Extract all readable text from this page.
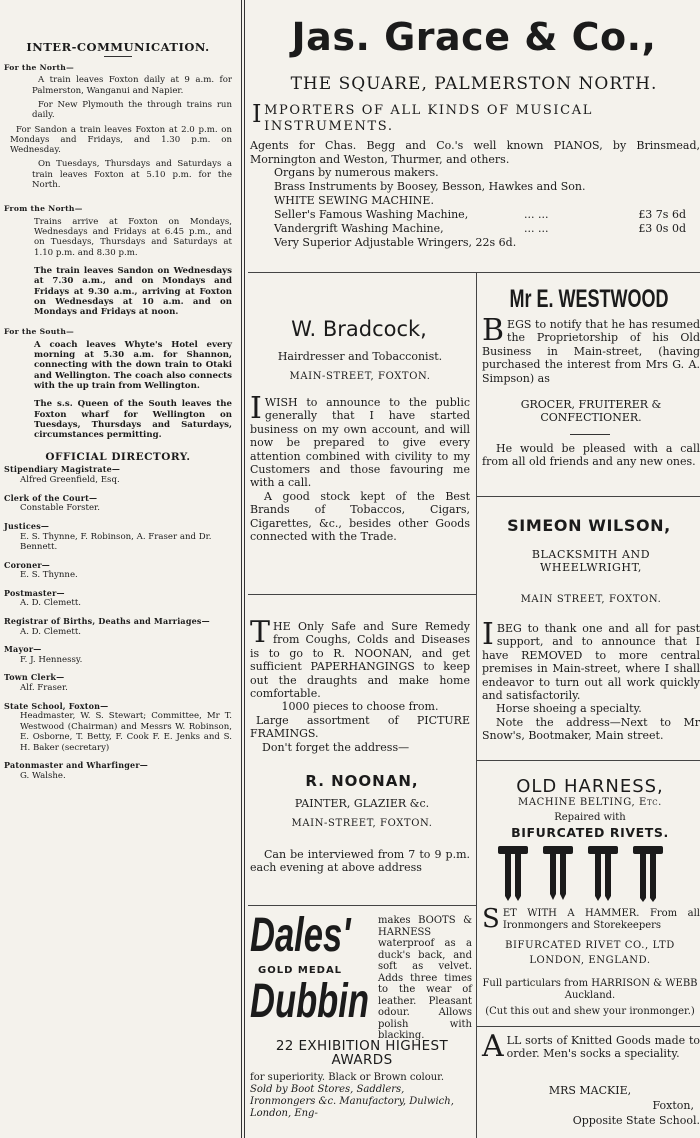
INTER-COMMUNICATION.
For the North—

A train leaves Foxton daily at 9 a.m. for Palmerston, Wanganui and Napier.

For New Plymouth the through trains run daily.

For Sandon a train leaves Foxton at 2.0 p.m. on Mondays and Fridays, and 1.30 p.m. on Wednesday.

On Tuesdays, Thursdays and Saturdays a train leaves Foxton at 5.10 p.m. for the North.

From the North—

Trains arrive at Foxton on Mondays, Wednesdays and Fridays at 6.45 p.m., and on Tuesdays, Thursdays and Saturdays at 1.10 p.m. and 8.30 p.m.

The train leaves Sandon on Wednesdays at 7.30 a.m., and on Mondays and Fridays at 9.30 a.m., arriving at Foxton on Wednesdays at 10 a.m. and on Mondays and Fridays at noon.

For the South—

A coach leaves Whyte's Hotel every morning at 5.30 a.m. for Shannon, connecting with the down train to Otaki and Wellington. The coach also connects with the up train from Wellington.

The s.s. Queen of the South leaves the Foxton wharf for Wellington on Tuesdays, Thursdays and Saturdays, circumstances permitting.

OFFICIAL DIRECTORY.
Stipendiary Magistrate—
Alfred Greenfield, Esq.
Clerk of the Court—
Constable Forster.
Justices—
E. S. Thynne, F. Robinson, A. Fraser and Dr. Bennett.
Coroner—
E. S. Thynne.
Postmaster—
A. D. Clemett.
Registrar of Births, Deaths and Marriages—
A. D. Clemett.
Mayor—
F. J. Hennessy.
Town Clerk—
Alf. Fraser.
State School, Foxton—
Headmaster, W. S. Stewart; Committee, Mr T. Westwood (Chairman) and Messrs W. Robinson, E. Osborne, T. Betty, F. Cook F. E. Jenks and S. H. Baker (secretary)
Patonmaster and Wharfinger—
G. Walshe.
Jas. Grace & Co.,
THE SQUARE, PALMERSTON NORTH.
IMPORTERS OF ALL KINDS OF MUSICAL INSTRUMENTS.
Agents for Chas. Begg and Co.'s well known PIANOS, by Brinsmead, Mornington and Weston, Thurmer, and others.
Organs by numerous makers.
Brass Instruments by Boosey, Besson, Hawkes and Son.
WHITE SEWING MACHINE.
Seller's Famous Washing Machine,	... ...	£3 7s 6d
Vandergrift Washing Machine,	... ...	£3 0s 0d
Very Superior Adjustable Wringers, 22s 6d.
W. Bradcock,
Hairdresser and Tobacconist.
MAIN-STREET, FOXTON.
IWISH to announce to the public generally that I have started business on my own account, and will now be prepared to give every attention combined with civility to my Customers and those favouring me with a call.

A good stock kept of the Best Brands of Tobaccos, Cigars, Cigarettes, &c., besides other Goods connected with the Trade.

THE Only Safe and Sure Remedy from Coughs, Colds and Diseases is to go to R. NOONAN, and get sufficient PAPERHANGINGS to keep out the draughts and make home comfortable.

1000 pieces to choose from.

Large assortment of PICTURE FRAMINGS.

Don't forget the address—

R. NOONAN,
PAINTER, GLAZIER &c.
MAIN-STREET, FOXTON.
Can be interviewed from 7 to 9 p.m. each evening at above address
Dales'
GOLD MEDAL
Dubbin
makes BOOTS & HARNESS waterproof as a duck's back, and soft as velvet. Adds three times to the wear of leather. Pleasant odour. Allows polish with blacking.
22 EXHIBITION HIGHEST
AWARDS
for superiority. Black or Brown colour.
Sold by Boot Stores, Saddlers, Ironmongers &c. Manufactory, Dulwich, London, Eng-
Mr E. WESTWOOD
BEGS to notify that he has resumed the Proprietorship of his Old Business in Main-street, (having purchased the interest from Mrs G. A. Simpson) as
GROCER, FRUITERER & CONFECTIONER.
He would be pleased with a call from all old friends and any new ones.
SIMEON WILSON,
BLACKSMITH AND WHEELWRIGHT,
MAIN STREET, FOXTON.
IBEG to thank one and all for past support, and to announce that I have REMOVED to more central premises in Main-street, where I shall endeavor to turn out all work quickly and satisfactorily.

Horse shoeing a specialty.

Note the address—Next to Mr Snow's, Bootmaker, Main street.

OLD HARNESS,
MACHINE BELTING, Etc.
Repaired with
BIFURCATED RIVETS.
SET WITH A HAMMER. From all Ironmongers and Storekeepers
BIFURCATED RIVET CO., LTD
LONDON, ENGLAND.
Full particulars from HARRISON & WEBB Auckland.
(Cut this out and shew your ironmonger.)
ALL sorts of Knitted Goods made to order. Men's socks a speciality.
MRS MACKIE,
Foxton,
Opposite State School.
